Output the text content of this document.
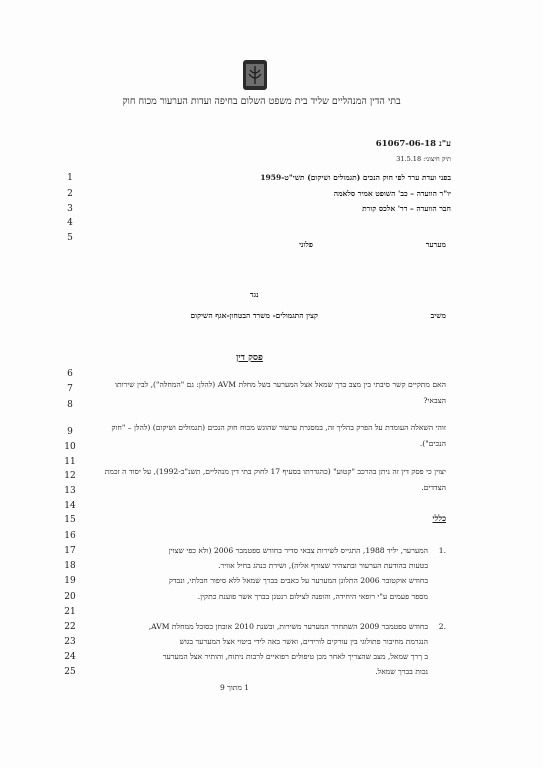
בתי הדין המנהליים שליד בית משפט השלום בחיפה ועדות הערעור מכוח חוק
ע"נ 61067-06-18
תיק חיצוני: 31.5.18
1
2
3
4
5
6
7
8
9
10
11
12
13
14
15
16
17
18
19
20
21
22
23
24
25
בפני ועדת ערר לפי חוק הנכים (תגמולים ושיקום) תשי"ט-1959
יו"ר הוועדה – כב' השופט אמיר סלאמה
חבר הוועדה – דר' אלכס קורת
מערער
פלוני
נגד
משיב
קצין התגמולים- משרד הבטחון-אגף השיקום
פסק דין
האם מתקיים קשר סיבתי בין מצב ברך שמאל אצל המערער בשל מחלת AVM (להלן: גם "המחלה"), לבין שירותו הצבאי?
זוהי השאלה העומדת על הפרק בהליך זה, במסגרת ערעור שהוגש מכוח חוק הנכים (תגמולים ושיקום) (להלן – "חוק הנכים").
יצוין כי פסק דין זה ניתן בהרכב "קטוע" (כהגדרתו בסעיף 17 לחוק בתי דין מנהליים, תשנ"ב-1992), על יסוד ה זכמת הצדדים.
כללי
1.
המערער, יליד 1988, התגייס לשירות צבאי סדיר בחודש ספטמבר 2006 (ולא כפי שצוין
בטעות בהודעת הערעור ובתצהיר שצורף אליה), ושירת כנהג בחיל אוויר.
בחודש אוקטובר 2006 התלונן המערער על כאבים בברך שמאל ללא סיפור חבלתי, ונבדק
מספר פעמים ע"י רופאי היחידה, והופנה לצילום רנטגן בברך אשר פוענח כתקין.
2.
בחודש ספטמבר 2009 השתחרר המערער משירות, ובשנת 2010 אובחן כסובל ממחלת AVM,
הנגרמת מחיבור פתולוגי בין עורקים לורידים, ואשר באה לידי ביטוי אצל המערער בגוש
ב ךרך שמאל, מצב שהצריך לאחר מכן טיפולים רפואיים לרבות ניתוח, והותיר אצל המערער
נכות בברך שמאל.
1 מתוך 9
